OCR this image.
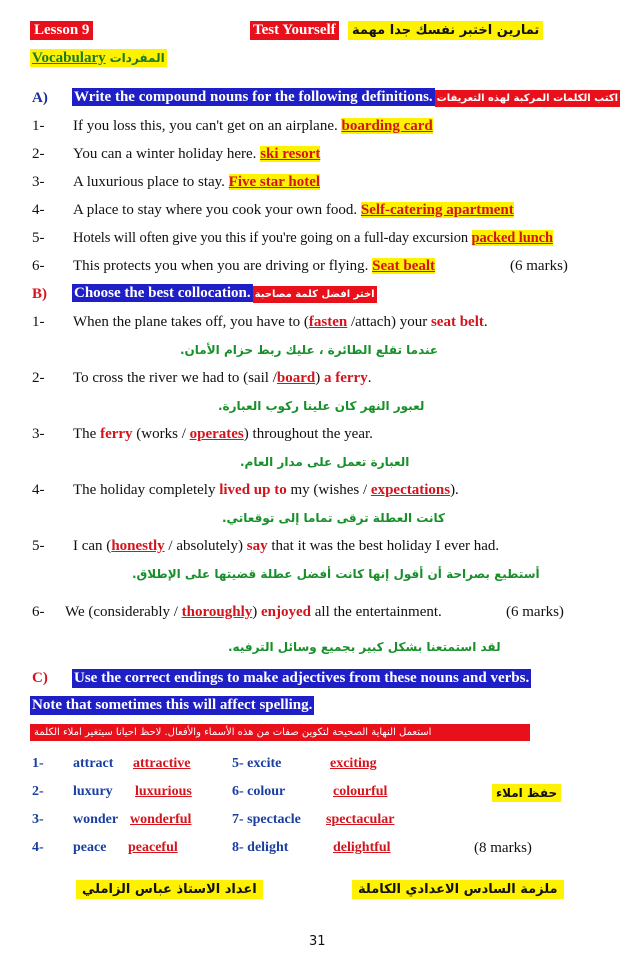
Lesson 9	Test Yourself	تمارين اختبر نفسك جدا مهمة
Vocabulary المفردات
A) Write the compound nouns for the following definitions. اكتب الكلمات المركبة لهذه التعريفات
1- If you loss this, you can't get on an airplane. boarding card
2- You can a winter holiday here. ski resort
3- A luxurious place to stay. Five star hotel
4- A place to stay where you cook your own food. Self-catering apartment
5- Hotels will often give you this if you're going on a full-day excursion packed lunch
6- This protects you when you are driving or flying. Seat bealt	(6 marks)
B) Choose the best collocation. اختر افضل كلمة مصاحبة
1- When the plane takes off, you have to (fasten /attach) your seat belt.
عندما تقلع الطائرة ، عليك ربط حزام الأمان.
2- To cross the river we had to (sail /board) a ferry.
لعبور النهر كان علينا ركوب العبارة.
3- The ferry (works / operates) throughout the year.
العبارة تعمل على مدار العام.
4- The holiday completely lived up to my (wishes / expectations).
كانت العطلة ترقى تماما إلى توقعاتي.
5- I can (honestly / absolutely) say that it was the best holiday I ever had.
أستطيع بصراحة أن أقول إنها كانت أفضل عطلة قضيتها على الإطلاق.
6- We (considerably / thoroughly) enjoyed all the entertainment.	(6 marks)
لقد استمتعنا بشكل كبير بجميع وسائل الترفيه.
C) Use the correct endings to make adjectives from these nouns and verbs.
Note that sometimes this will affect spelling.
استعمل النهاية الصحيحة لتكوين صفات من هذه الأسماء والأفعال. لاحظ احيانا سيتغير املاء الكلمة
1- attract attractive
2- luxury luxurious
3- wonder wonderful
4- peace peaceful
5- excite	exciting
6- colour	colourful
7- spectacle spectacular
8- delight	delightful
حفظ املاء
(8 marks)
اعداد الاستاذ عباس الزاملي	ملزمة السادس الاعدادي الكاملة
31
